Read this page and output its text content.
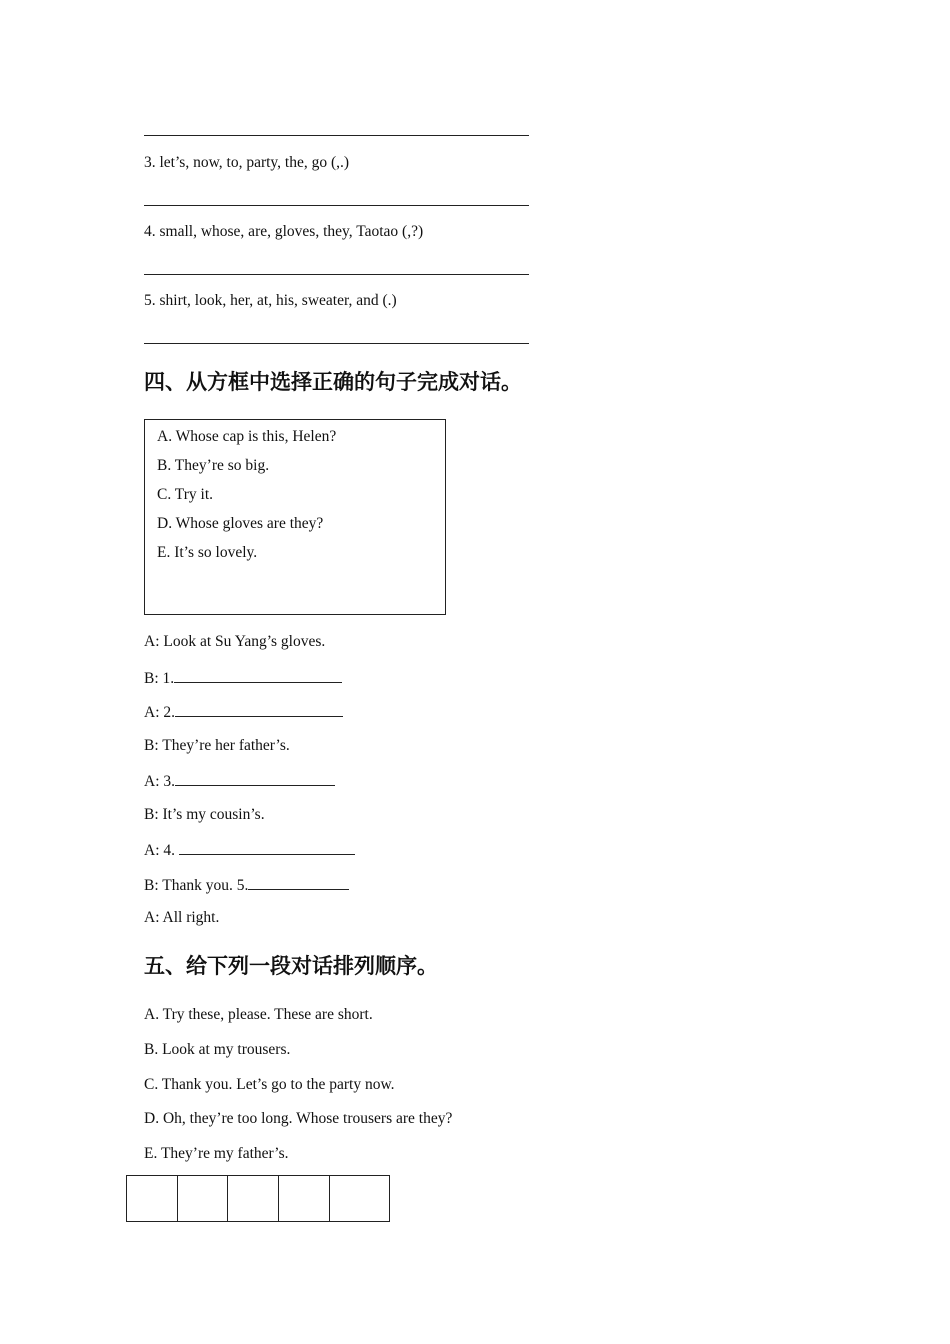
3. let’s, now, to, party, the, go (,.)
4. small, whose, are, gloves, they, Taotao (,?)
5. shirt, look, her, at, his, sweater, and (.)
四、从方框中选择正确的句子完成对话。
A. Whose cap is this, Helen?
B. They’re so big.
C. Try it.
D. Whose gloves are they?
E. It’s so lovely.
A: Look at Su Yang’s gloves.
B: 1.
A: 2.
B: They’re her father’s.
A: 3.
B: It’s my cousin’s.
A: 4.
B: Thank you. 5.
A: All right.
五、给下列一段对话排列顺序。
A. Try these, please. These are short.
B. Look at my trousers.
C. Thank you. Let’s go to the party now.
D. Oh, they’re too long. Whose trousers are they?
E. They’re my father’s.
